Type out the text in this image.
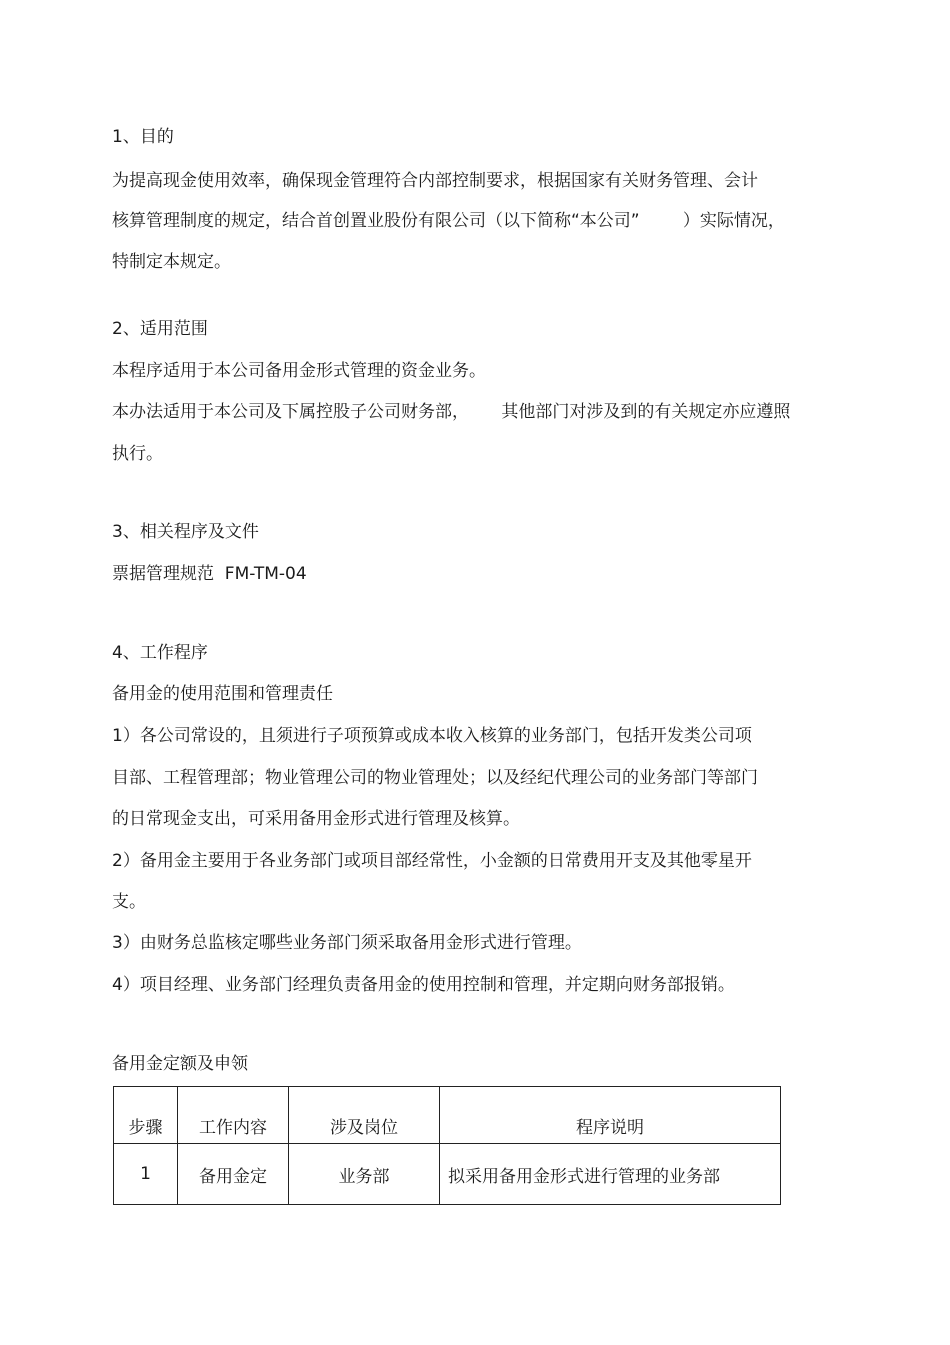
1、目的
为提高现金使用效率，确保现金管理符合内部控制要求，根据国家有关财务管理、会计
核算管理制度的规定，结合首创置业股份有限公司（以下简称“本公司”        ）实际情况，
特制定本规定。
2、适用范围
本程序适用于本公司备用金形式管理的资金业务。
本办法适用于本公司及下属控股子公司财务部，      其他部门对涉及到的有关规定亦应遵照
执行。
3、相关程序及文件
票据管理规范  FM-TM-04
4、工作程序
备用金的使用范围和管理责任
1）各公司常设的，且须进行子项预算或成本收入核算的业务部门，包括开发类公司项
目部、工程管理部；物业管理公司的物业管理处；以及经纪代理公司的业务部门等部门
的日常现金支出，可采用备用金形式进行管理及核算。
2）备用金主要用于各业务部门或项目部经常性，小金额的日常费用开支及其他零星开
支。
3）由财务总监核定哪些业务部门须采取备用金形式进行管理。
4）项目经理、业务部门经理负责备用金的使用控制和管理，并定期向财务部报销。
备用金定额及申领
步骤	工作内容	涉及岗位	程序说明
1	备用金定	业务部	拟采用备用金形式进行管理的业务部
